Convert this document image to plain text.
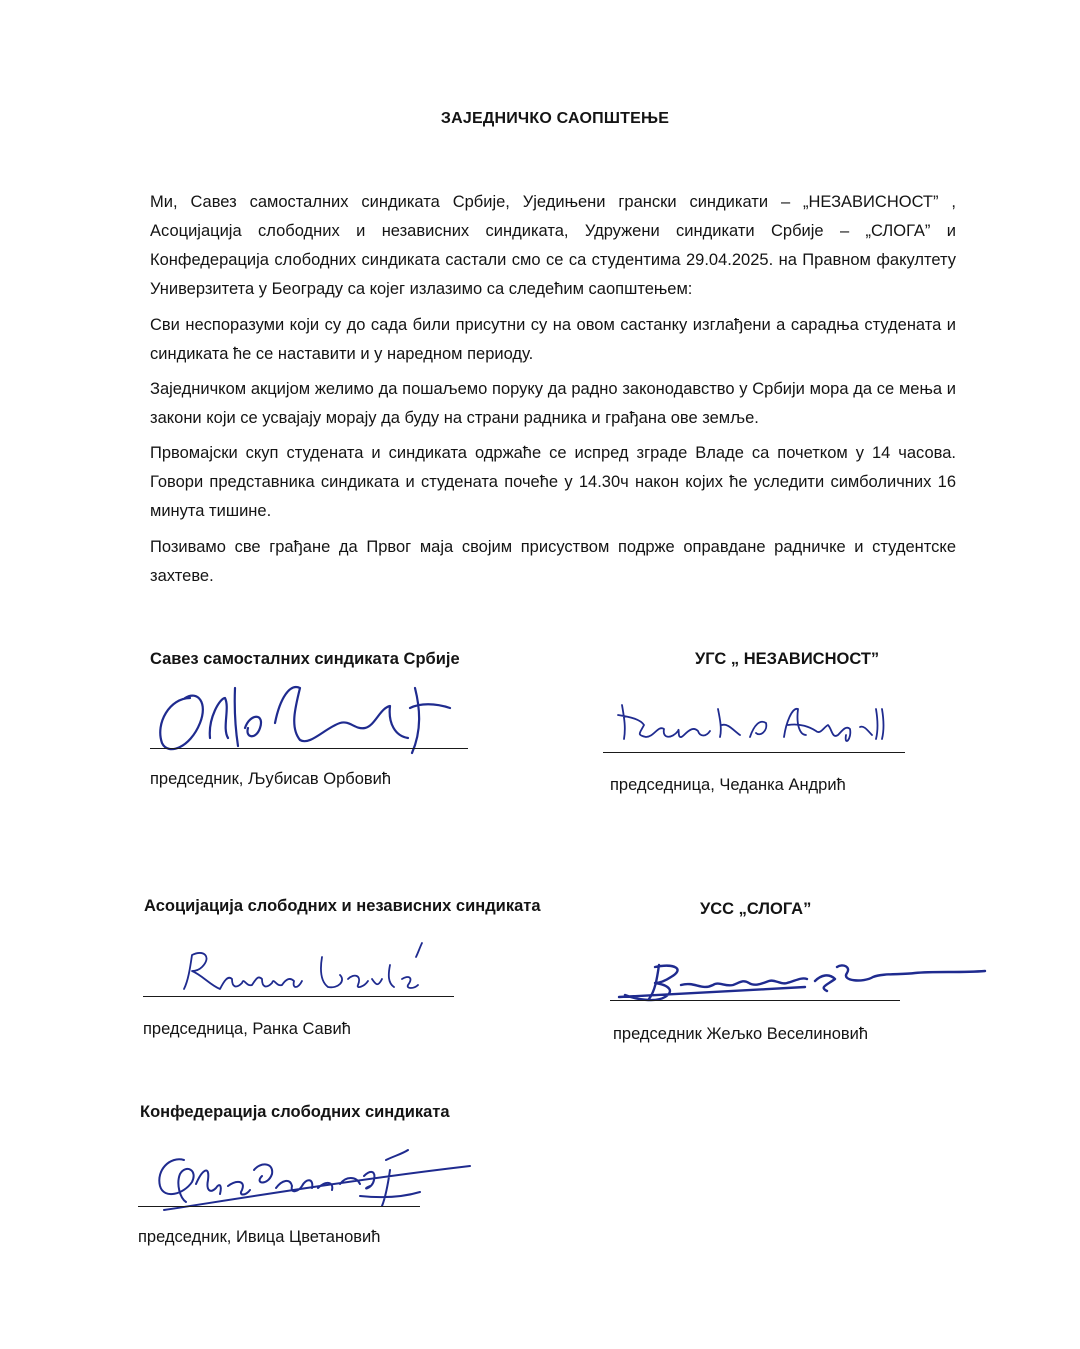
ЗАЈЕДНИЧКО САОПШТЕЊЕ

Ми, Савез самосталних синдиката Србије, Уједињени грански синдикати – „НЕЗАВИСНОСТ” , Асоцијација слободних и независних синдиката, Удружени синдикати Србије – „СЛОГА” и Конфедерација слободних синдиката састали смо се са студентима 29.04.2025. на Правном факултету Универзитета у Београду са којег излазимо са следећим саопштењем:

Сви неспоразуми који су до сада били присутни су на овом састанку изглађени а сарадња студената и синдиката ће се наставити и у наредном периоду.

Заједничком акцијом желимо да пошаљемо поруку да радно законодавство у Србији мора да се мења и закони који се усвајају морају да буду на страни радника и грађана ове земље.

Првомајски скуп студената и синдиката одржаће се испред зграде Владе са почетком у 14 часова. Говори представника синдиката и студената почеће у 14.30ч након којих ће уследити симболичних 16 минута тишине.

Позивамо све грађане да Првог маја својим присуством подрже оправдане радничке и студентске захтеве.

Савез самосталних синдиката Србије
председник, Љубисав Орбовић
УГС „ НЕЗАВИСНОСТ”
председница, Чеданка Андрић
Асоцијација слободних и независних синдиката
председница, Ранка Савић
УСС „СЛОГА”
председник Жељко Веселиновић
Конфедерација слободних синдиката
председник, Ивица Цветановић
